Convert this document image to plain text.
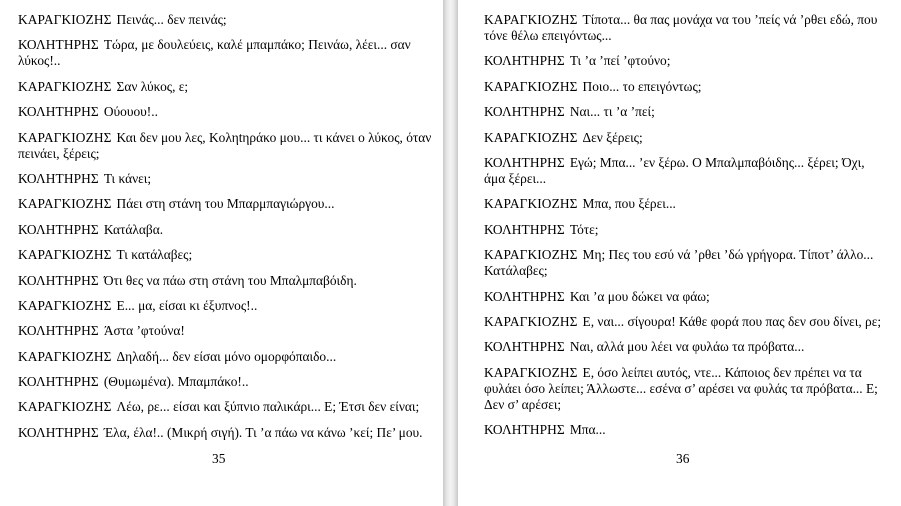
ΚΑΡΑΓΚΙΟΖΗΣ Πεινάς... δεν πεινάς;
ΚΟΛΗΤΗΡΗΣ Τώρα, με δουλεύεις, καλέ μπαμπάκο; Πεινάω, λέει... σαν λύκος!..
ΚΑΡΑΓΚΙΟΖΗΣ Σαν λύκος, ε;
ΚΟΛΗΤΗΡΗΣ Ούουου!..
ΚΑΡΑΓΚΙΟΖΗΣ Και δεν μου λες, Κοληtηράκο μου... τι κάνει ο λύκος, όταν πεινάει, ξέρεις;
ΚΟΛΗΤΗΡΗΣ Τι κάνει;
ΚΑΡΑΓΚΙΟΖΗΣ Πάει στη στάνη του Μπαρμπαγιώργου...
ΚΟΛΗΤΗΡΗΣ Κατάλαβα.
ΚΑΡΑΓΚΙΟΖΗΣ Τι κατάλαβες;
ΚΟΛΗΤΗΡΗΣ Ότι θες να πάω στη στάνη του Μπαλμπαβόιδη.
ΚΑΡΑΓΚΙΟΖΗΣ Ε... μα, είσαι κι έξυπνος!..
ΚΟΛΗΤΗΡΗΣ Άστα ’φτούνα!
ΚΑΡΑΓΚΙΟΖΗΣ Δηλαδή... δεν είσαι μόνο ομορφόπαιδο...
ΚΟΛΗΤΗΡΗΣ (Θυμωμένα). Μπαμπάκο!..
ΚΑΡΑΓΚΙΟΖΗΣ Λέω, ρε... είσαι και ξύπνιο παλικάρι... Ε; Έτσι δεν είναι;
ΚΟΛΗΤΗΡΗΣ Έλα, έλα!.. (Μικρή σιγή). Τι ’α πάω να κάνω ’κεί; Πε’ μου.
35
ΚΑΡΑΓΚΙΟΖΗΣ Τίποτα... θα πας μονάχα να του ’πείς νά ’ρθει εδώ, που τόνε θέλω επειγόντως...
ΚΟΛΗΤΗΡΗΣ Τι ’α ’πεί ’φτούνο;
ΚΑΡΑΓΚΙΟΖΗΣ Ποιο... το επειγόντως;
ΚΟΛΗΤΗΡΗΣ Ναι... τι ’α ’πεί;
ΚΑΡΑΓΚΙΟΖΗΣ Δεν ξέρεις;
ΚΟΛΗΤΗΡΗΣ Εγώ; Μπα... ’εν ξέρω. Ο Μπαλμπαβόιδης... ξέρει; Όχι, άμα ξέρει...
ΚΑΡΑΓΚΙΟΖΗΣ Μπα, που ξέρει...
ΚΟΛΗΤΗΡΗΣ Τότε;
ΚΑΡΑΓΚΙΟΖΗΣ Μη; Πες του εσύ νά ’ρθει ’δώ γρήγορα. Τίποτ’ άλλο... Κατάλαβες;
ΚΟΛΗΤΗΡΗΣ Και ’α μου δώκει να φάω;
ΚΑΡΑΓΚΙΟΖΗΣ Ε, ναι... σίγουρα! Κάθε φορά που πας δεν σου δίνει, ρε;
ΚΟΛΗΤΗΡΗΣ Ναι, αλλά μου λέει να φυλάω τα πρόβατα...
ΚΑΡΑΓΚΙΟΖΗΣ Ε, όσο λείπει αυτός, ντε... Κάποιος δεν πρέπει να τα φυλάει όσο λείπει; Άλλωστε... εσένα σ’ αρέσει να φυλάς τα πρόβατα... Ε; Δεν σ’ αρέσει;
ΚΟΛΗΤΗΡΗΣ Μπα...
36
